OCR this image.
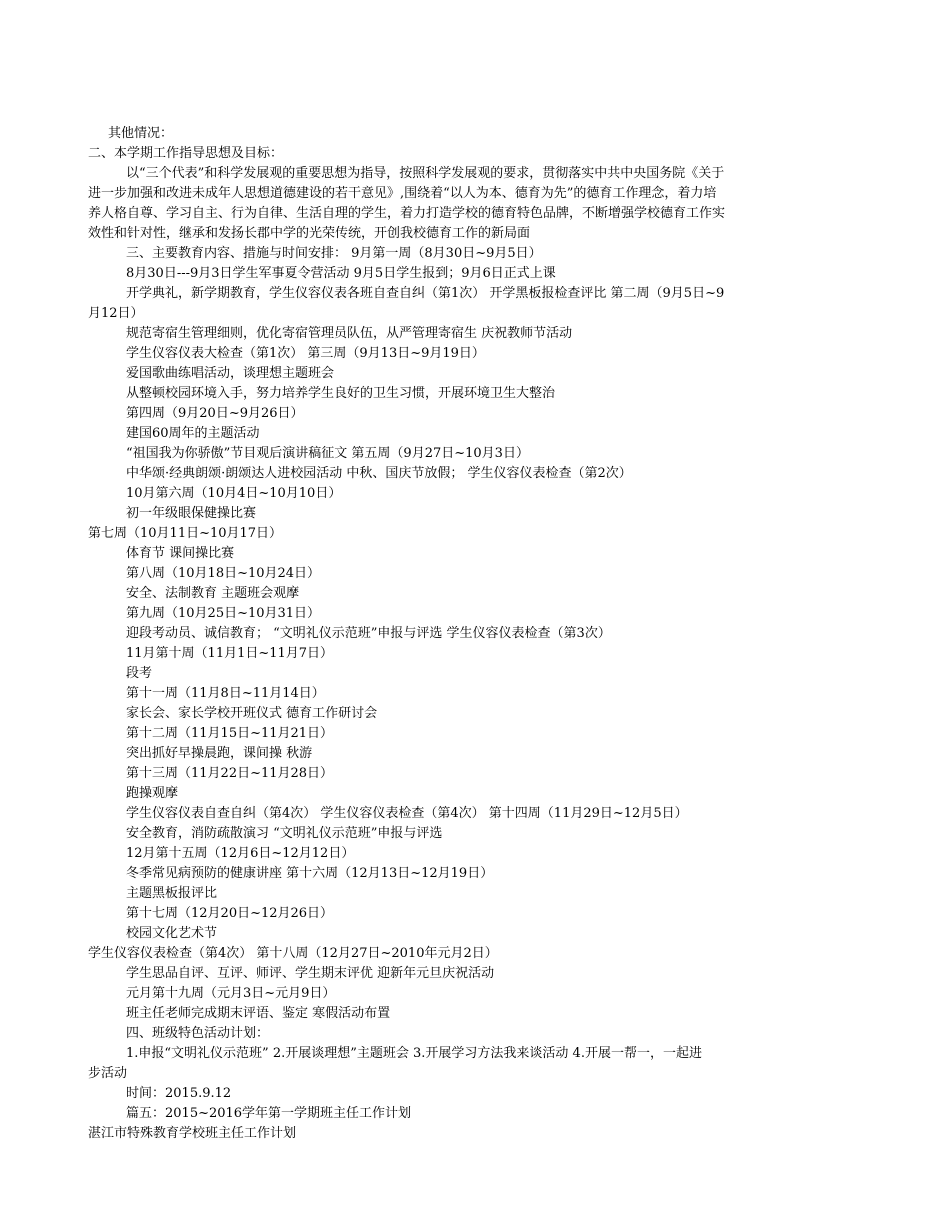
其他情况：
二、本学期工作指导思想及目标：
以“三个代表”和科学发展观的重要思想为指导，按照科学发展观的要求，贯彻落实中共中央国务院《关于
进一步加强和改进未成年人思想道德建设的若干意见》,围绕着“以人为本、德育为先”的德育工作理念，着力培
养人格自尊、学习自主、行为自律、生活自理的学生，着力打造学校的德育特色品牌，不断增强学校德育工作实
效性和针对性，继承和发扬长郡中学的光荣传统，开创我校德育工作的新局面
三、主要教育内容、措施与时间安排： 9月第一周（8月30日~9月5日）
8月30日---9月3日学生军事夏令营活动 9月5日学生报到；9月6日正式上课
开学典礼，新学期教育，学生仪容仪表各班自查自纠（第1次） 开学黑板报检查评比 第二周（9月5日~9
月12日）
规范寄宿生管理细则，优化寄宿管理员队伍，从严管理寄宿生 庆祝教师节活动
学生仪容仪表大检查（第1次） 第三周（9月13日~9月19日）
爱国歌曲练唱活动，谈理想主题班会
从整顿校园环境入手，努力培养学生良好的卫生习惯，开展环境卫生大整治
第四周（9月20日~9月26日）
建国60周年的主题活动
“祖国我为你骄傲”节目观后演讲稿征文 第五周（9月27日~10月3日）
中华颂·经典朗颂·朗颂达人进校园活动 中秋、国庆节放假； 学生仪容仪表检查（第2次）
10月第六周（10月4日~10月10日）
初一年级眼保健操比赛
第七周（10月11日~10月17日）
体育节 课间操比赛
第八周（10月18日~10月24日）
安全、法制教育 主题班会观摩
第九周（10月25日~10月31日）
迎段考动员、诚信教育； “文明礼仪示范班”申报与评选 学生仪容仪表检查（第3次）
11月第十周（11月1日~11月7日）
段考
第十一周（11月8日~11月14日）
家长会、家长学校开班仪式 德育工作研讨会
第十二周（11月15日~11月21日）
突出抓好早操晨跑，课间操 秋游
第十三周（11月22日~11月28日）
跑操观摩
学生仪容仪表自查自纠（第4次） 学生仪容仪表检查（第4次） 第十四周（11月29日~12月5日）
安全教育，消防疏散演习 “文明礼仪示范班”申报与评选
12月第十五周（12月6日~12月12日）
冬季常见病预防的健康讲座 第十六周（12月13日~12月19日）
主题黑板报评比
第十七周（12月20日~12月26日）
校园文化艺术节
学生仪容仪表检查（第4次） 第十八周（12月27日~2010年元月2日）
学生思品自评、互评、师评、学生期末评优 迎新年元旦庆祝活动
元月第十九周（元月3日~元月9日）
班主任老师完成期末评语、鉴定 寒假活动布置
四、班级特色活动计划：
1.申报“文明礼仪示范班” 2.开展谈理想”主题班会 3.开展学习方法我来谈活动 4.开展一帮一，一起进
步活动
时间：2015.9.12
篇五：2015~2016学年第一学期班主任工作计划
湛江市特殊教育学校班主任工作计划
